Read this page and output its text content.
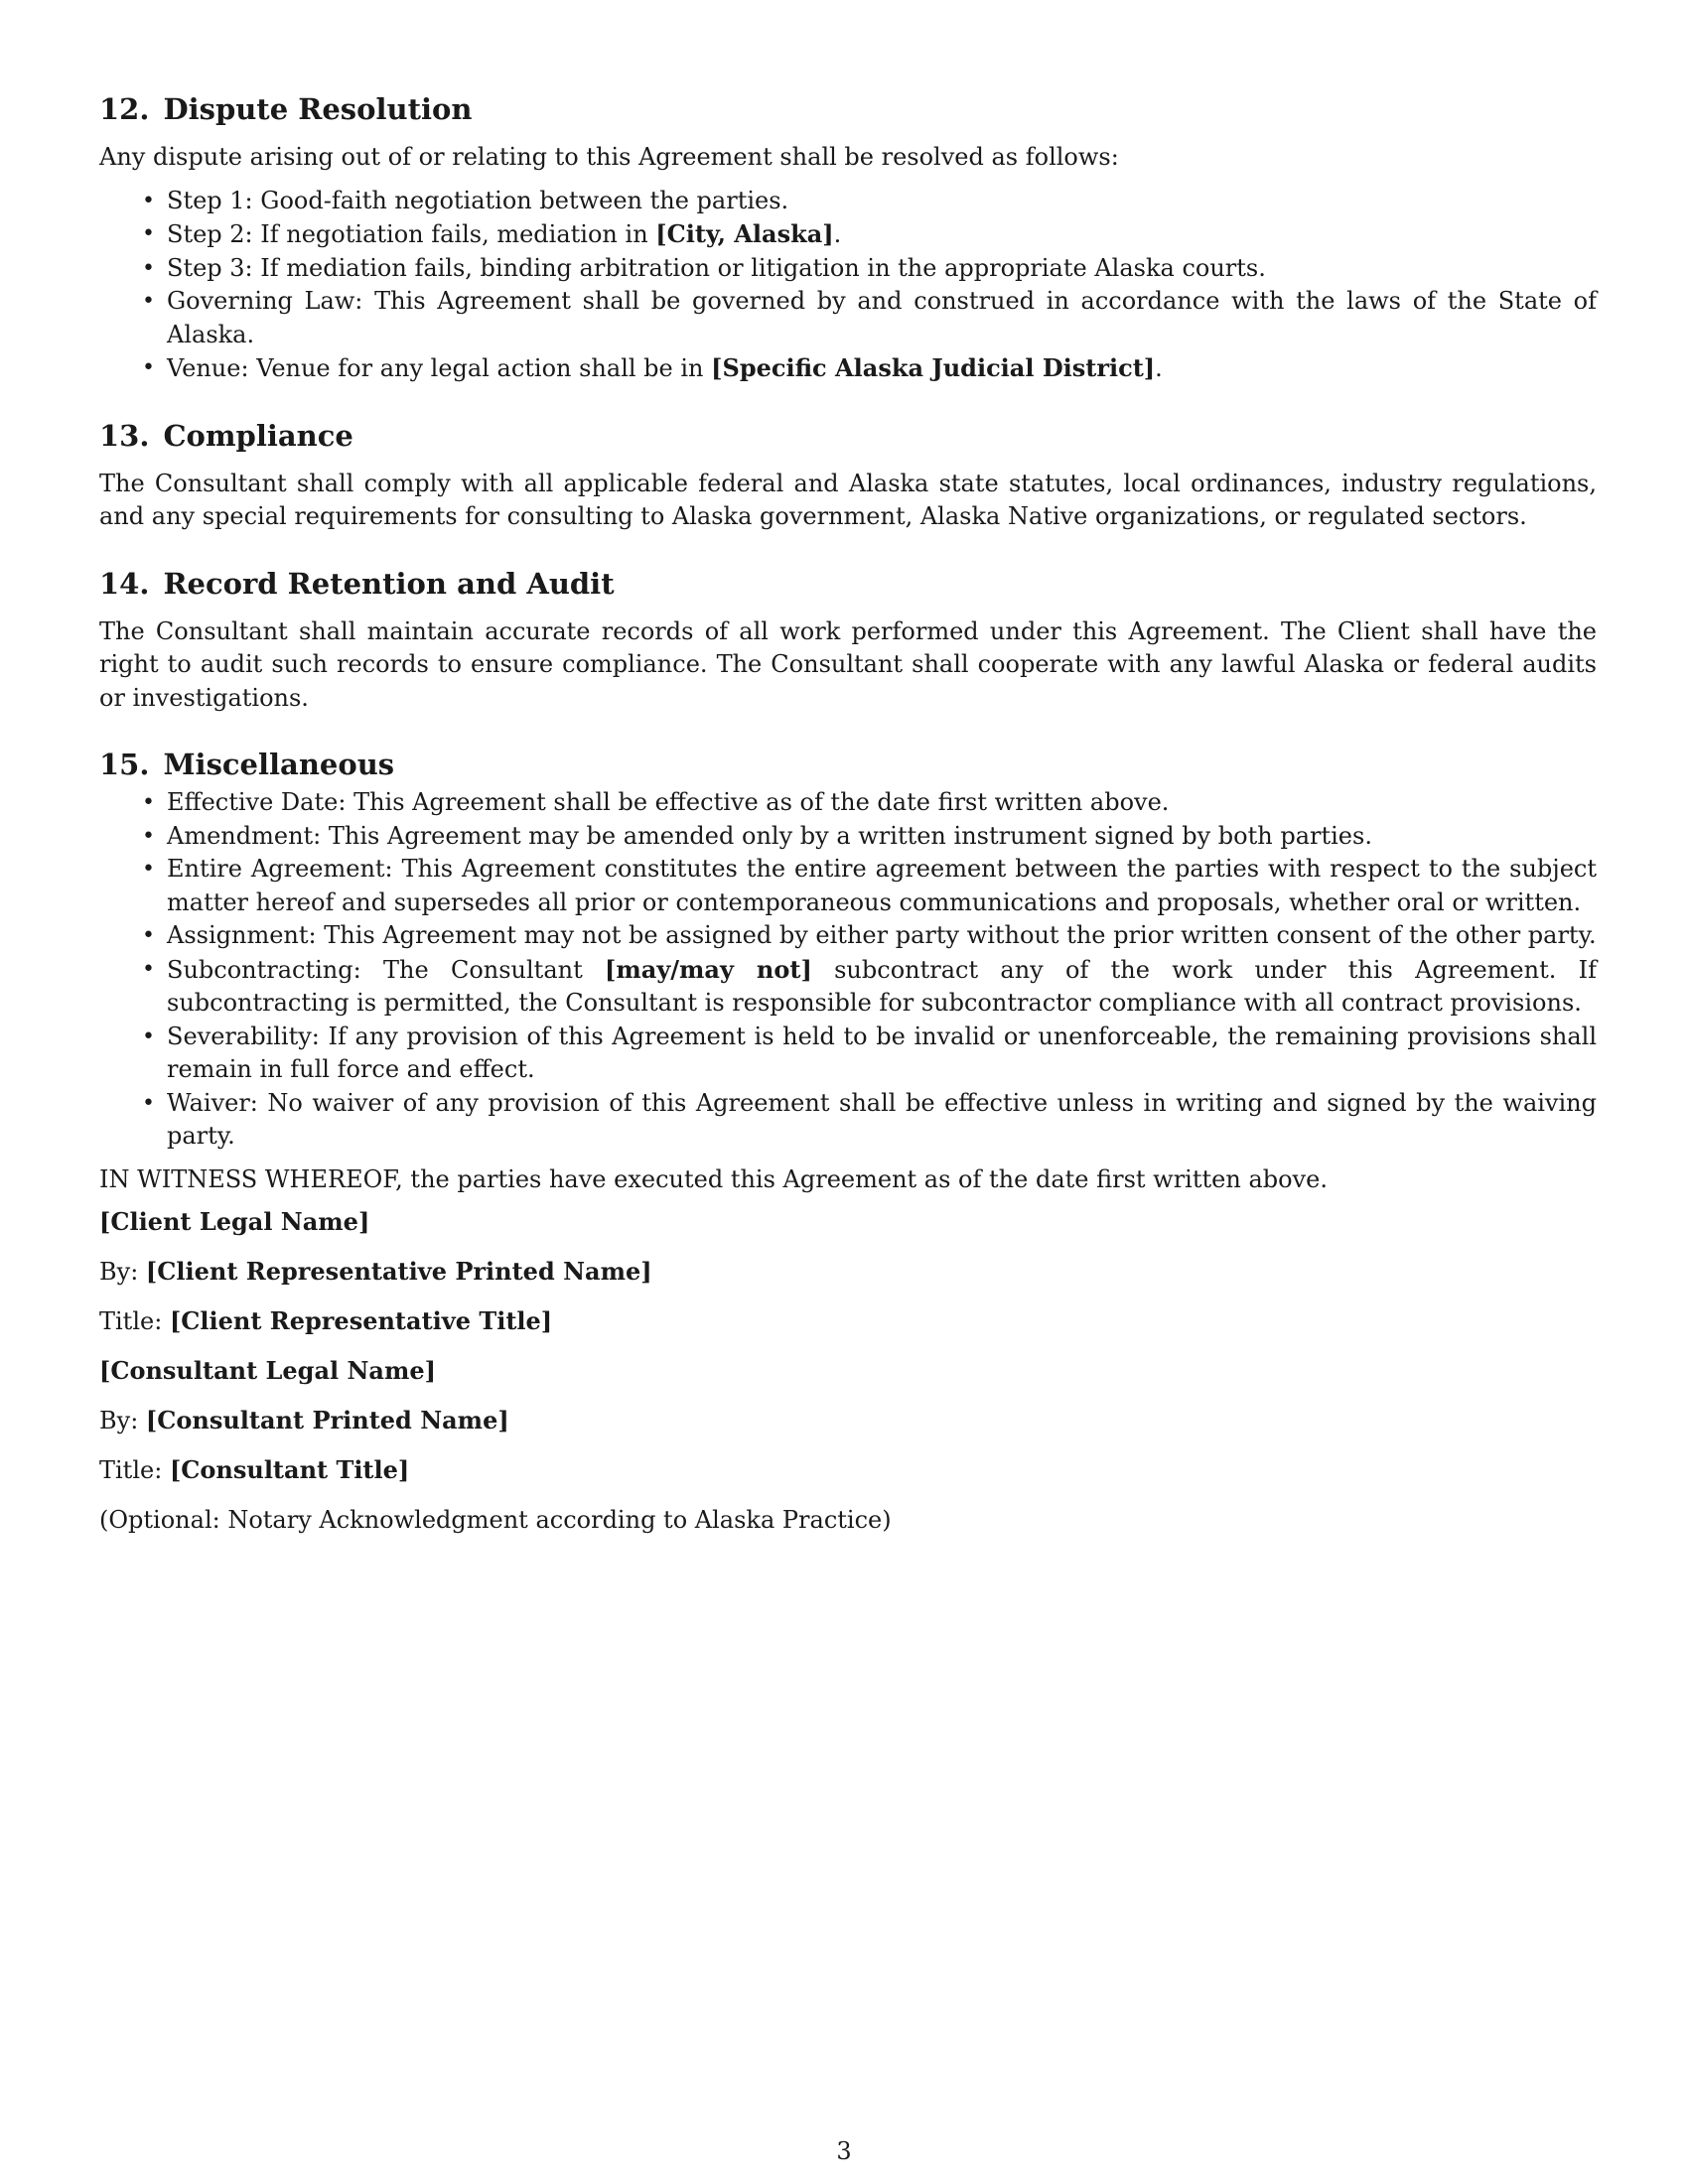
12. Dispute Resolution

Any dispute arising out of or relating to this Agreement shall be resolved as follows:

• Step 1: Good-faith negotiation between the parties.
• Step 2: If negotiation fails, mediation in [City, Alaska].
• Step 3: If mediation fails, binding arbitration or litigation in the appropriate Alaska courts.
• Governing Law: This Agreement shall be governed by and construed in accordance with the laws of the State of Alaska.
• Venue: Venue for any legal action shall be in [Specific Alaska Judicial District].
13. Compliance

The Consultant shall comply with all applicable federal and Alaska state statutes, local ordinances, industry regulations, and any special requirements for consulting to Alaska government, Alaska Native organizations, or regulated sectors.

14. Record Retention and Audit

The Consultant shall maintain accurate records of all work performed under this Agreement. The Client shall have the right to audit such records to ensure compliance. The Consultant shall cooperate with any lawful Alaska or federal audits or investigations.

15. Miscellaneous
• Effective Date: This Agreement shall be effective as of the date first written above.
• Amendment: This Agreement may be amended only by a written instrument signed by both parties.
• Entire Agreement: This Agreement constitutes the entire agreement between the parties with respect to the subject matter hereof and supersedes all prior or contemporaneous communications and proposals, whether oral or written.
• Assignment: This Agreement may not be assigned by either party without the prior written consent of the other party.
• Subcontracting: The Consultant [may/may not] subcontract any of the work under this Agreement. If subcontracting is permitted, the Consultant is responsible for subcontractor compliance with all contract provisions.
• Severability: If any provision of this Agreement is held to be invalid or unenforceable, the remaining provisions shall remain in full force and effect.
• Waiver: No waiver of any provision of this Agreement shall be effective unless in writing and signed by the waiving party.

IN WITNESS WHEREOF, the parties have executed this Agreement as of the date first written above.

[Client Legal Name]

By: [Client Representative Printed Name]

Title: [Client Representative Title]

[Consultant Legal Name]

By: [Consultant Printed Name]

Title: [Consultant Title]

(Optional: Notary Acknowledgment according to Alaska Practice)

3
